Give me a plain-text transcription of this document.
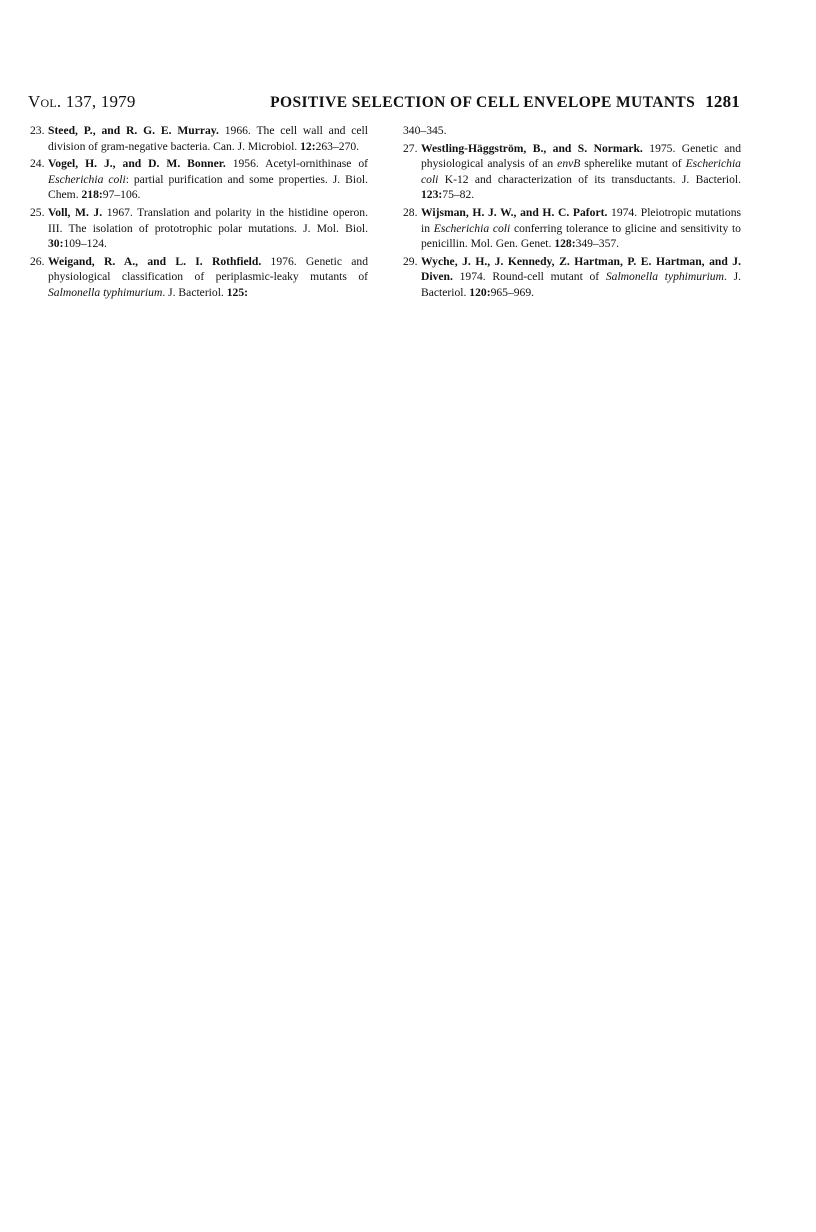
Vol. 137, 1979	POSITIVE SELECTION OF CELL ENVELOPE MUTANTS 1281

23. Steed, P., and R. G. E. Murray. 1966. The cell wall and cell division of gram-negative bacteria. Can. J. Microbiol. 12:263–270.

24. Vogel, H. J., and D. M. Bonner. 1956. Acetyl-ornithinase of Escherichia coli: partial purification and some properties. J. Biol. Chem. 218:97–106.

25. Voll, M. J. 1967. Translation and polarity in the histidine operon. III. The isolation of prototrophic polar mutations. J. Mol. Biol. 30:109–124.

26. Weigand, R. A., and L. I. Rothfield. 1976. Genetic and physiological classification of periplasmic-leaky mutants of Salmonella typhimurium. J. Bacteriol. 125:

340–345.

27. Westling-Häggström, B., and S. Normark. 1975. Genetic and physiological analysis of an envB spherelike mutant of Escherichia coli K-12 and characterization of its transductants. J. Bacteriol. 123:75–82.

28. Wijsman, H. J. W., and H. C. Pafort. 1974. Pleiotropic mutations in Escherichia coli conferring tolerance to glicine and sensitivity to penicillin. Mol. Gen. Genet. 128:349–357.

29. Wyche, J. H., J. Kennedy, Z. Hartman, P. E. Hartman, and J. Diven. 1974. Round-cell mutant of Salmonella typhimurium. J. Bacteriol. 120:965–969.
